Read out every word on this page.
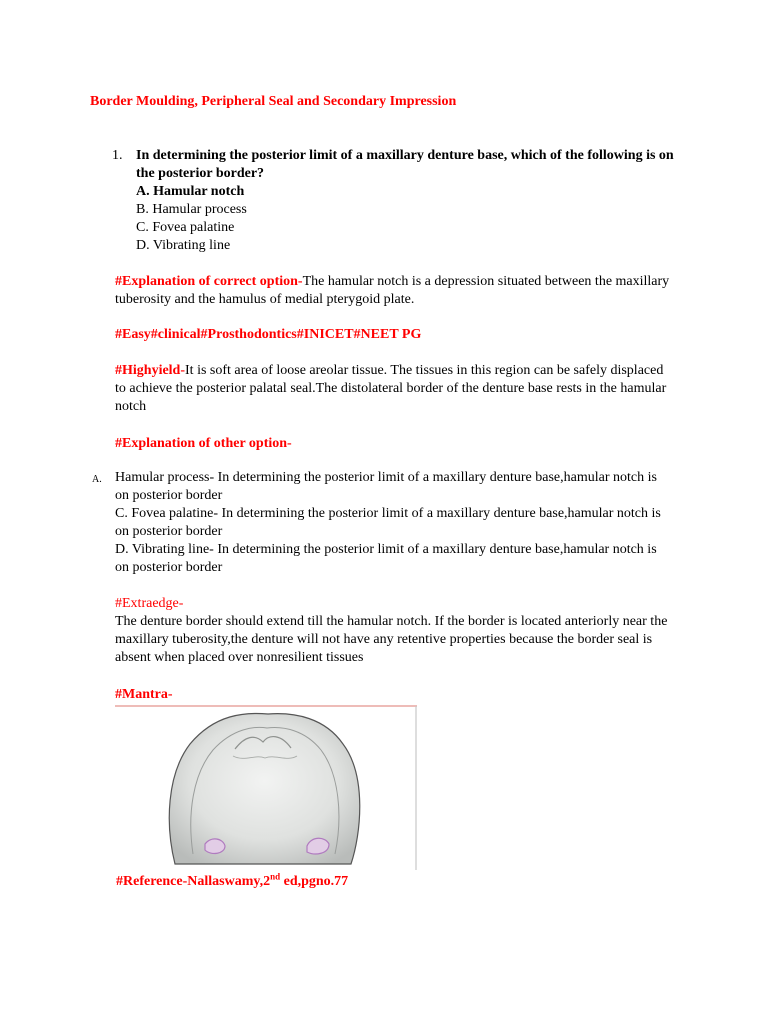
Border Moulding, Peripheral Seal and Secondary Impression
1. In determining the posterior limit of a maxillary denture base, which of the following is on the posterior border?
A. Hamular notch
B. Hamular process
C. Fovea palatine
D. Vibrating line
#Explanation of correct option-The hamular notch is a depression situated between the maxillary tuberosity and the hamulus of medial pterygoid plate.
#Easy#clinical#Prosthodontics#INICET#NEET PG
#Highyield-It is soft area of loose areolar tissue. The tissues in this region can be safely displaced to achieve the posterior palatal seal.The distolateral border of the denture base rests in the hamular notch
#Explanation of other option-
A. Hamular process- In determining the posterior limit of a maxillary denture base,hamular notch is on posterior border
C. Fovea palatine- In determining the posterior limit of a maxillary denture base,hamular notch is on posterior border
D. Vibrating line- In determining the posterior limit of a maxillary denture base,hamular notch is on posterior border
#Extraedge-
The denture border should extend till the hamular notch. If the border is located anteriorly near the maxillary tuberosity,the denture will not have any retentive properties because the border seal is absent when placed over nonresilient tissues
#Mantra-
#Reference-Nallaswamy,2nd ed,pgno.77
